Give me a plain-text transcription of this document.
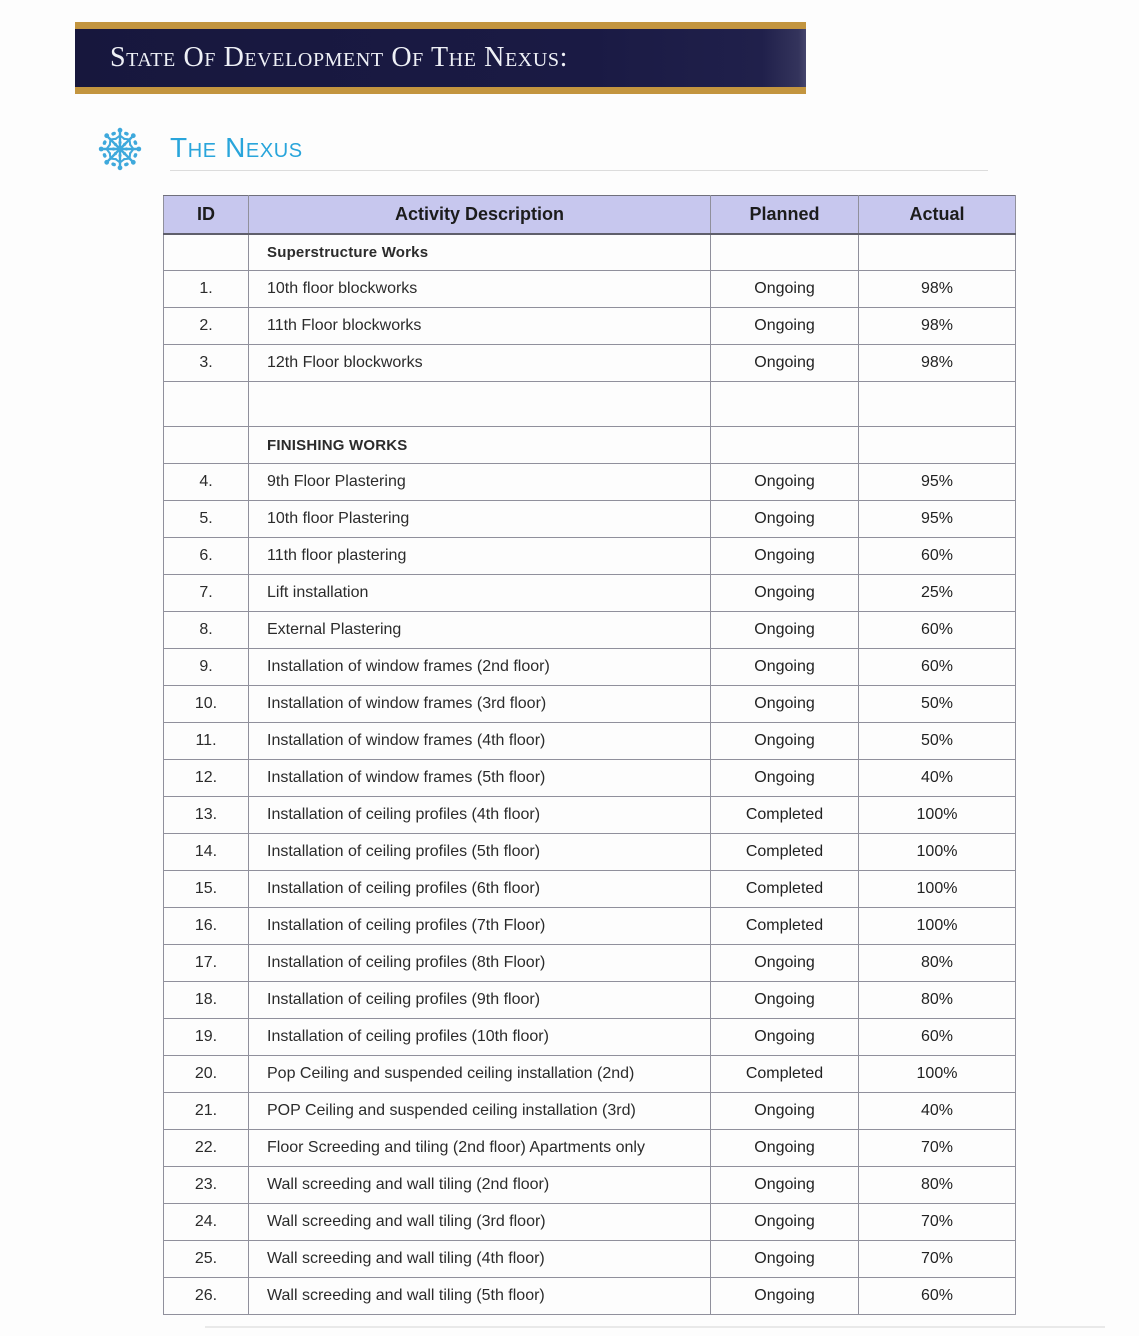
State Of Development Of The Nexus:
The Nexus
ID	Activity Description	Planned	Actual
	Superstructure Works		
1.	10th floor blockworks	Ongoing	98%
2.	11th Floor blockworks	Ongoing	98%
3.	12th Floor blockworks	Ongoing	98%

	FINISHING WORKS		
4.	9th Floor Plastering	Ongoing	95%
5.	10th floor Plastering	Ongoing	95%
6.	11th floor plastering	Ongoing	60%
7.	Lift installation	Ongoing	25%
8.	External Plastering	Ongoing	60%
9.	Installation of window frames (2nd floor)	Ongoing	60%
10.	Installation of window frames (3rd floor)	Ongoing	50%
11.	Installation of window frames (4th floor)	Ongoing	50%
12.	Installation of window frames (5th floor)	Ongoing	40%
13.	Installation of ceiling profiles (4th floor)	Completed	100%
14.	Installation of ceiling profiles (5th floor)	Completed	100%
15.	Installation of ceiling profiles (6th floor)	Completed	100%
16.	Installation of ceiling profiles (7th Floor)	Completed	100%
17.	Installation of ceiling profiles (8th Floor)	Ongoing	80%
18.	Installation of ceiling profiles (9th floor)	Ongoing	80%
19.	Installation of ceiling profiles (10th floor)	Ongoing	60%
20.	Pop Ceiling and suspended ceiling installation (2nd)	Completed	100%
21.	POP Ceiling and suspended ceiling installation (3rd)	Ongoing	40%
22.	Floor Screeding and tiling (2nd floor) Apartments only	Ongoing	70%
23.	Wall screeding and wall tiling (2nd floor)	Ongoing	80%
24.	Wall screeding and wall tiling (3rd floor)	Ongoing	70%
25.	Wall screeding and wall tiling (4th floor)	Ongoing	70%
26.	Wall screeding and wall tiling (5th floor)	Ongoing	60%
